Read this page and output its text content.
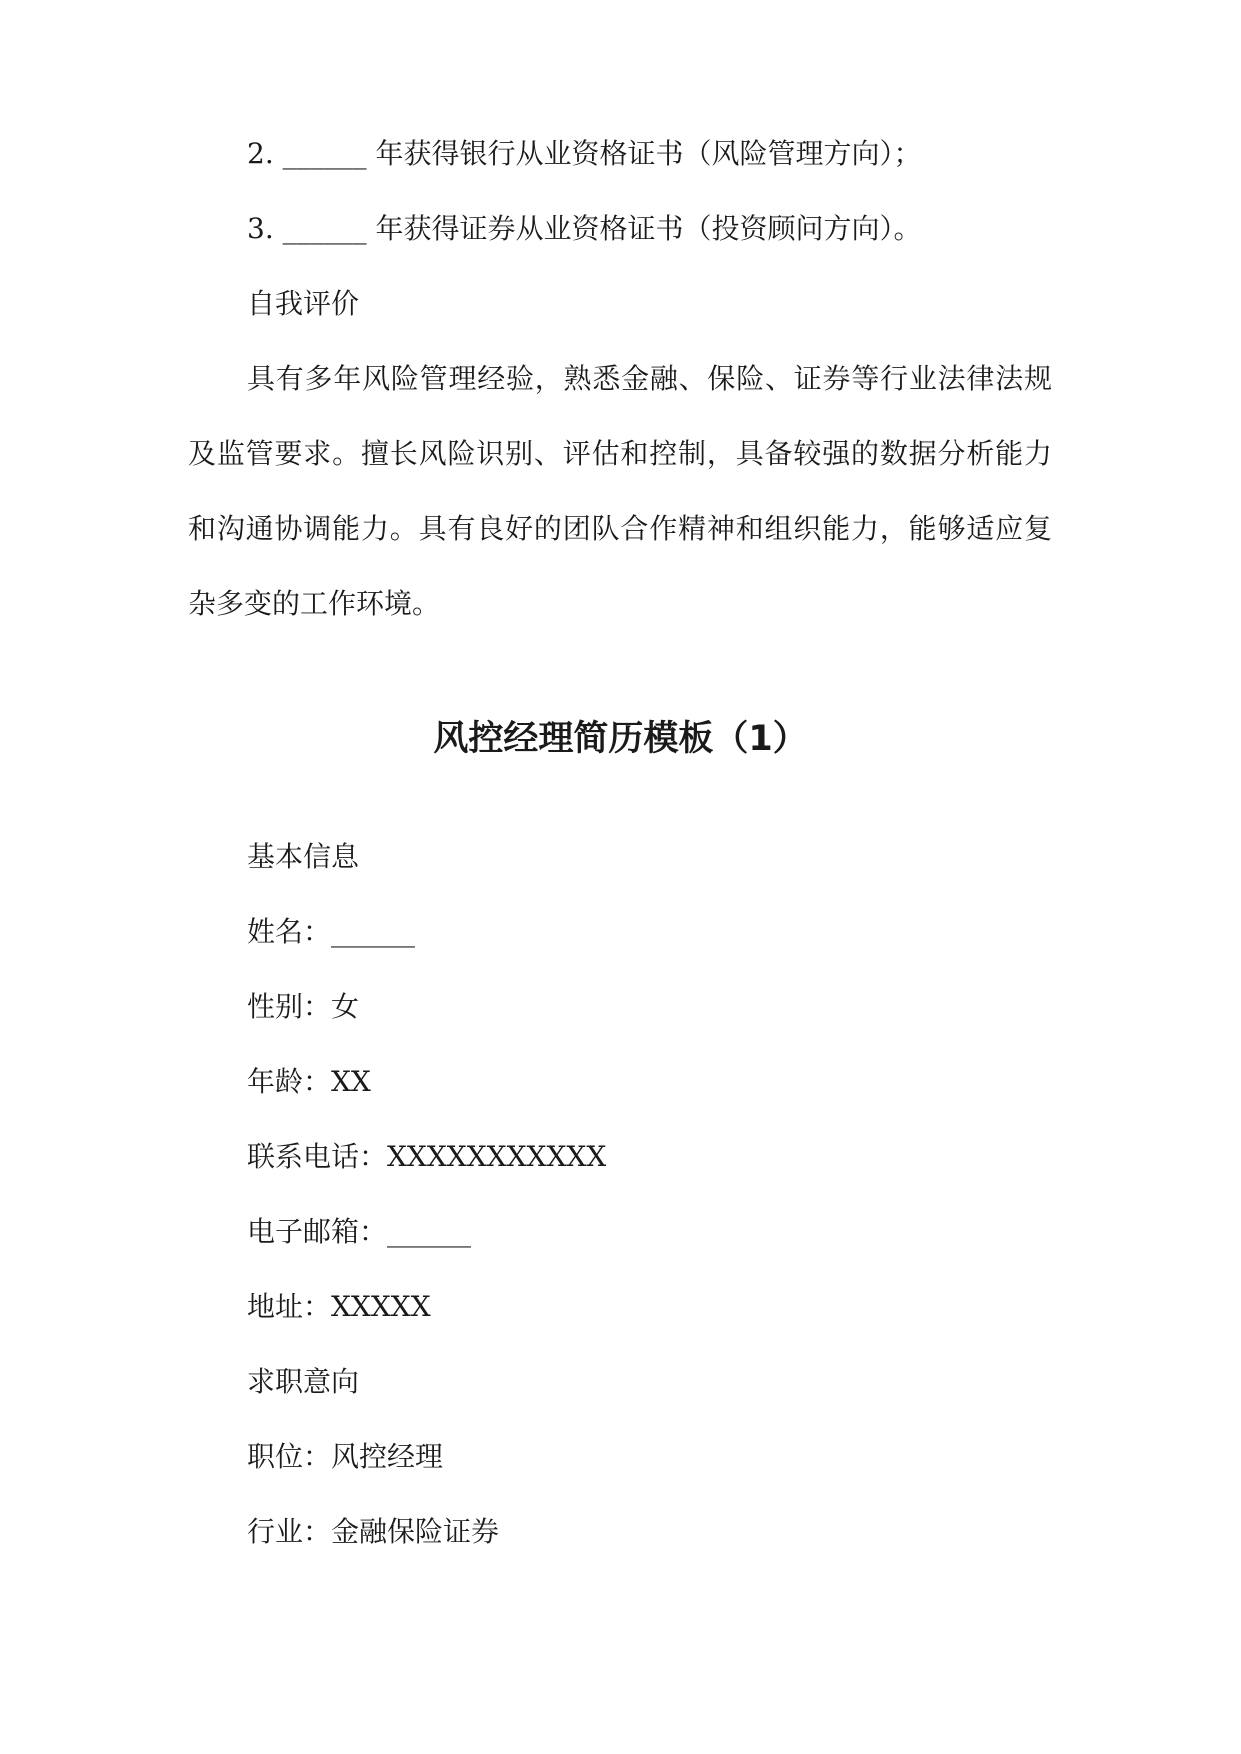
2. ______ 年获得银行从业资格证书（风险管理方向）；
3. ______ 年获得证券从业资格证书（投资顾问方向）。
自我评价
具有多年风险管理经验，熟悉金融、保险、证券等行业法律法规
及监管要求。擅长风险识别、评估和控制，具备较强的数据分析能力
和沟通协调能力。具有良好的团队合作精神和组织能力，能够适应复
杂多变的工作环境。
风控经理简历模板（1）
基本信息
姓名：______
性别：女
年龄：XX
联系电话：XXXXXXXXXXX
电子邮箱：______
地址：XXXXX
求职意向
职位：风控经理
行业：金融保险证券
